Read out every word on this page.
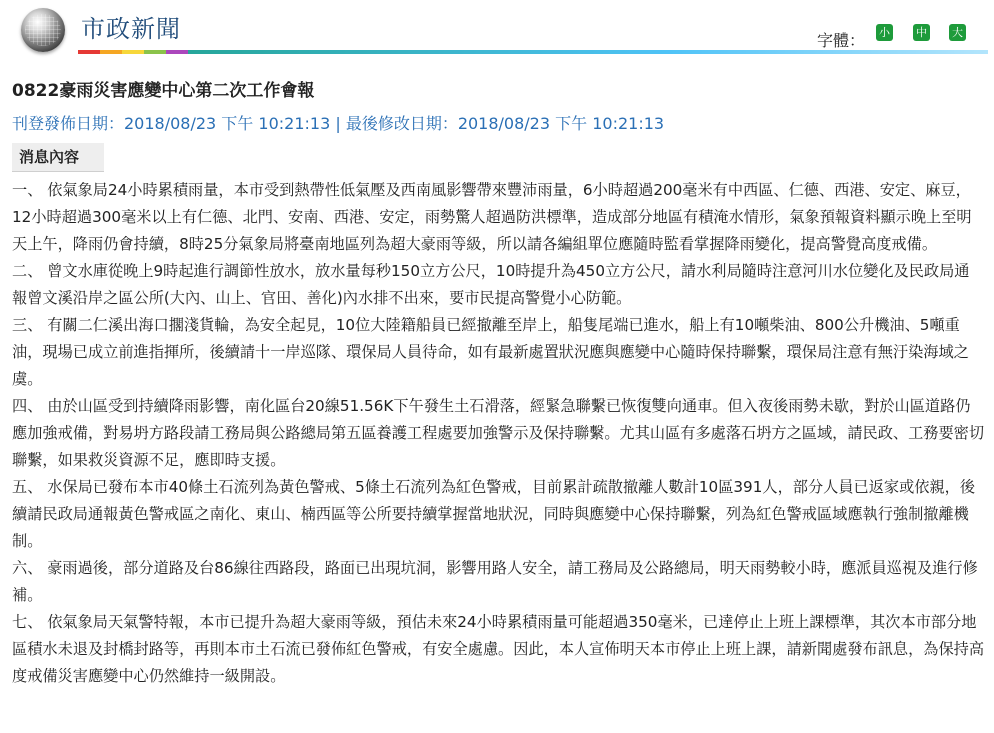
市政新聞	字體： 小 中 大
0822豪雨災害應變中心第二次工作會報
刊登發佈日期：2018/08/23 下午 10:21:13 | 最後修改日期：2018/08/23 下午 10:21:13
消息內容

一、 依氣象局24小時累積雨量，本市受到熱帶性低氣壓及西南風影響帶來豐沛雨量，6小時超過200毫米有中西區、仁德、西港、安定、麻豆，12小時超過300毫米以上有仁德、北門、安南、西港、安定，雨勢驚人超過防洪標準，造成部分地區有積淹水情形，氣象預報資料顯示晚上至明天上午，降雨仍會持續，8時25分氣象局將臺南地區列為超大豪雨等級，所以請各編組單位應隨時監看掌握降雨變化，提高警覺高度戒備。

二、 曾文水庫從晚上9時起進行調節性放水，放水量每秒150立方公尺，10時提升為450立方公尺，請水利局隨時注意河川水位變化及民政局通報曾文溪沿岸之區公所(大內、山上、官田、善化)內水排不出來，要市民提高警覺小心防範。

三、 有關二仁溪出海口擱淺貨輪，為安全起見，10位大陸籍船員已經撤離至岸上，船隻尾端已進水，船上有10噸柴油、800公升機油、5噸重油，現場已成立前進指揮所，後續請十一岸巡隊、環保局人員待命，如有最新處置狀況應與應變中心隨時保持聯繫，環保局注意有無汙染海域之虞。

四、 由於山區受到持續降雨影響，南化區台20線51.56K下午發生土石滑落，經緊急聯繫已恢復雙向通車。但入夜後雨勢未歇，對於山區道路仍應加強戒備，對易坍方路段請工務局與公路總局第五區養護工程處要加強警示及保持聯繫。尤其山區有多處落石坍方之區域，請民政、工務要密切聯繫，如果救災資源不足，應即時支援。

五、 水保局已發布本市40條土石流列為黃色警戒、5條土石流列為紅色警戒，目前累計疏散撤離人數計10區391人，部分人員已返家或依親，後續請民政局通報黃色警戒區之南化、東山、楠西區等公所要持續掌握當地狀況，同時與應變中心保持聯繫，列為紅色警戒區域應執行強制撤離機制。

六、 豪雨過後，部分道路及台86線往西路段，路面已出現坑洞，影響用路人安全，請工務局及公路總局，明天雨勢較小時，應派員巡視及進行修補。

七、 依氣象局天氣警特報，本市已提升為超大豪雨等級，預估未來24小時累積雨量可能超過350毫米，已達停止上班上課標準，其次本市部分地區積水未退及封橋封路等，再則本市土石流已發佈紅色警戒，有安全處慮。因此，本人宣佈明天本市停止上班上課，請新聞處發布訊息，為保持高度戒備災害應變中心仍然維持一級開設。
